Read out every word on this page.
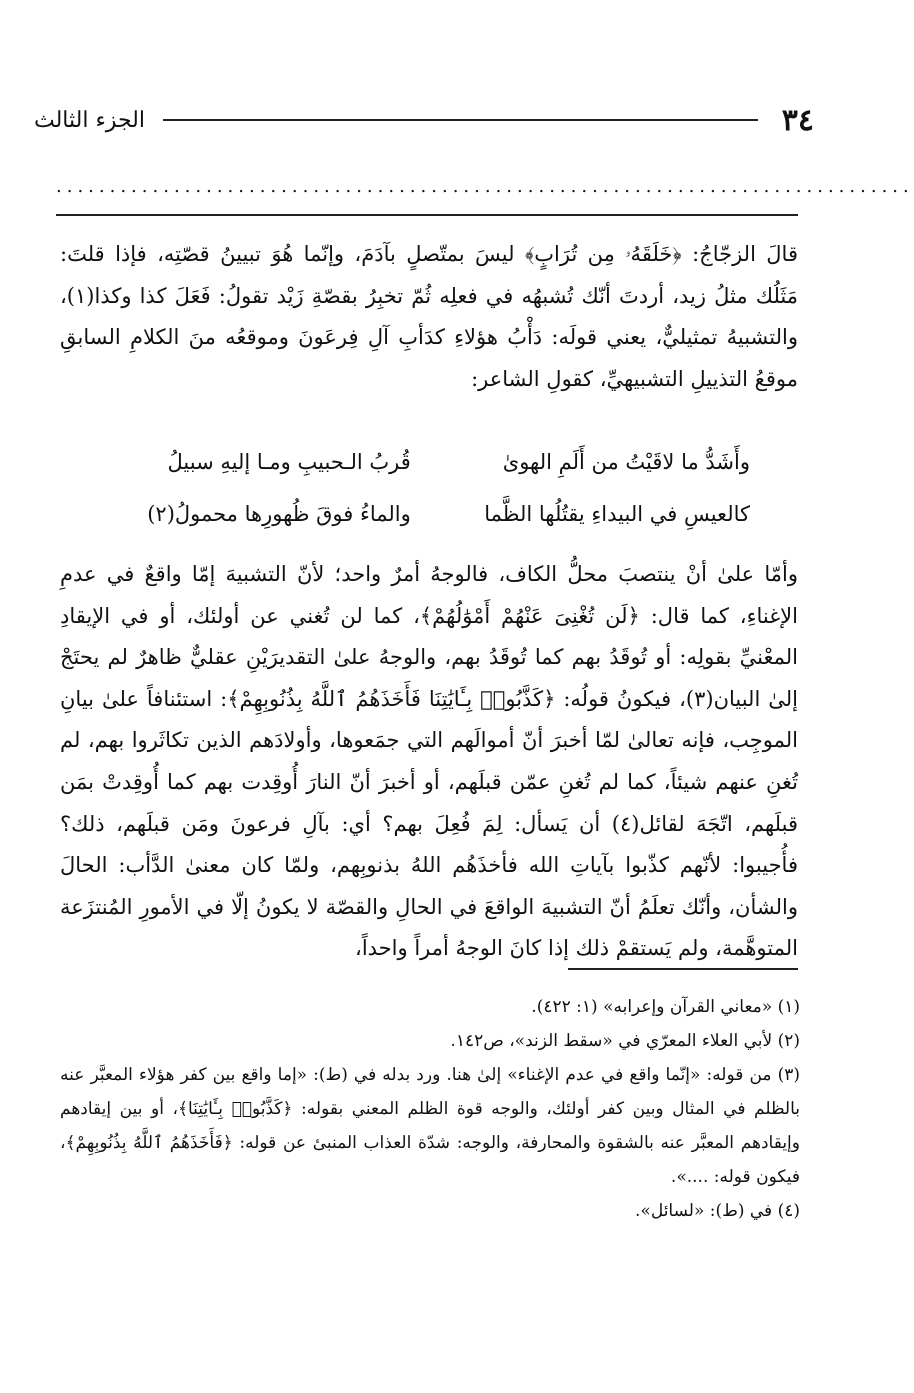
٣٤
الجزء الثالث
................................................................................

قالَ الزجّاجُ: ﴿خَلَقَهُۥ مِن تُرَابٍ﴾ ليسَ بمتّصلٍ بآدَمَ، وإنّما هُوَ تبيينُ قصّتِه، فإذا قلتَ: مَثَلُك مثلُ زيد، أردتَ أنّك تُشبهُه في فعلِه ثُمّ تخبِرُ بقصّةِ زَيْد تقولُ: فَعَلَ كذا وكذا(١)، والتشبيهُ تمثيليٌّ، يعني قولَه: دَأْبُ هؤلاءِ كدَأبِ آلِ فِرعَونَ وموقعُه منَ الكلامِ السابقِ موقعُ التذييلِ التشبيهيِّ، كقولِ الشاعر:

وأَشَدُّ ما لاقَيْتُ من أَلَمِ الهوىٰ
قُربُ الـحبيبِ ومـا إليهِ سبيلُ
كالعيسِ في البيداءِ يقتُلُها الظَّما
والماءُ فوقَ ظُهورِها محمولُ(٢)

وأمّا علىٰ أنْ ينتصبَ محلُّ الكاف، فالوجهُ أمرٌ واحد؛ لأنّ التشبيهَ إمّا واقعٌ في عدمِ الإغناءِ، كما قال: ﴿لَن تُغْنِىَ عَنْهُمْ أَمْوَٰلُهُمْ﴾، كما لن تُغني عن أولئك، أو في الإيقادِ المعْنيِّ بقولِه: أو تُوقَدُ بهم كما تُوقَدُ بهم، والوجهُ علىٰ التقديرَيْنِ عقليٌّ ظاهرٌ لم يحتَجْ إلىٰ البيان(٣)، فيكونُ قولُه: ﴿كَذَّبُوا۟ بِـَٔايَٰتِنَا فَأَخَذَهُمُ ٱللَّهُ بِذُنُوبِهِمْ﴾: استئنافاً علىٰ بيانِ الموجِب، فإنه تعالىٰ لمّا أخبرَ أنّ أموالَهم التي جمَعوها، وأولادَهم الذين تكاثَروا بهم، لم تُغنِ عنهم شيئاً، كما لم تُغنِ عمّن قبلَهم، أو أخبرَ أنّ النارَ أُوقِدت بهم كما أُوقِدتْ بمَن قبلَهم، اتّجَهَ لقائل(٤) أن يَسأل: لِمَ فُعِلَ بهم؟ أي: بآلِ فرعونَ ومَن قبلَهم، ذلك؟ فأُجيبوا: لأنّهم كذّبوا بآياتِ الله فأخذَهُم اللهُ بذنوبِهم، ولمّا كان معنىٰ الدَّأب: الحالَ والشأن، وأنّك تعلَمُ أنّ التشبيهَ الواقعَ في الحالِ والقصّة لا يكونُ إلّا في الأمورِ المُنتزَعة المتوهَّمة، ولم يَستقمْ ذلك إذا كانَ الوجهُ أمراً واحداً،

(١) «معاني القرآن وإعرابه» (١: ٤٢٢).

(٢) لأبي العلاء المعرّي في «سقط الزند»، ص١٤٢.

(٣) من قوله: «إنّما واقع في عدم الإغناء» إلىٰ هنا. ورد بدله في (ط): «إما واقع بين كفر هؤلاء المعبَّر عنه بالظلم في المثال وبين كفر أولئك، والوجه قوة الظلم المعني بقوله: ﴿كَذَّبُوا۟ بِـَٔايَٰتِنَا﴾، أو بين إيقادهم وإيقادهم المعبَّر عنه بالشقوة والمحارفة، والوجه: شدّة العذاب المنبىٔ عن قوله: ﴿فَأَخَذَهُمُ ٱللَّهُ بِذُنُوبِهِمْ﴾، فيكون قوله: ....».

(٤) في (ط): «لسائل».
